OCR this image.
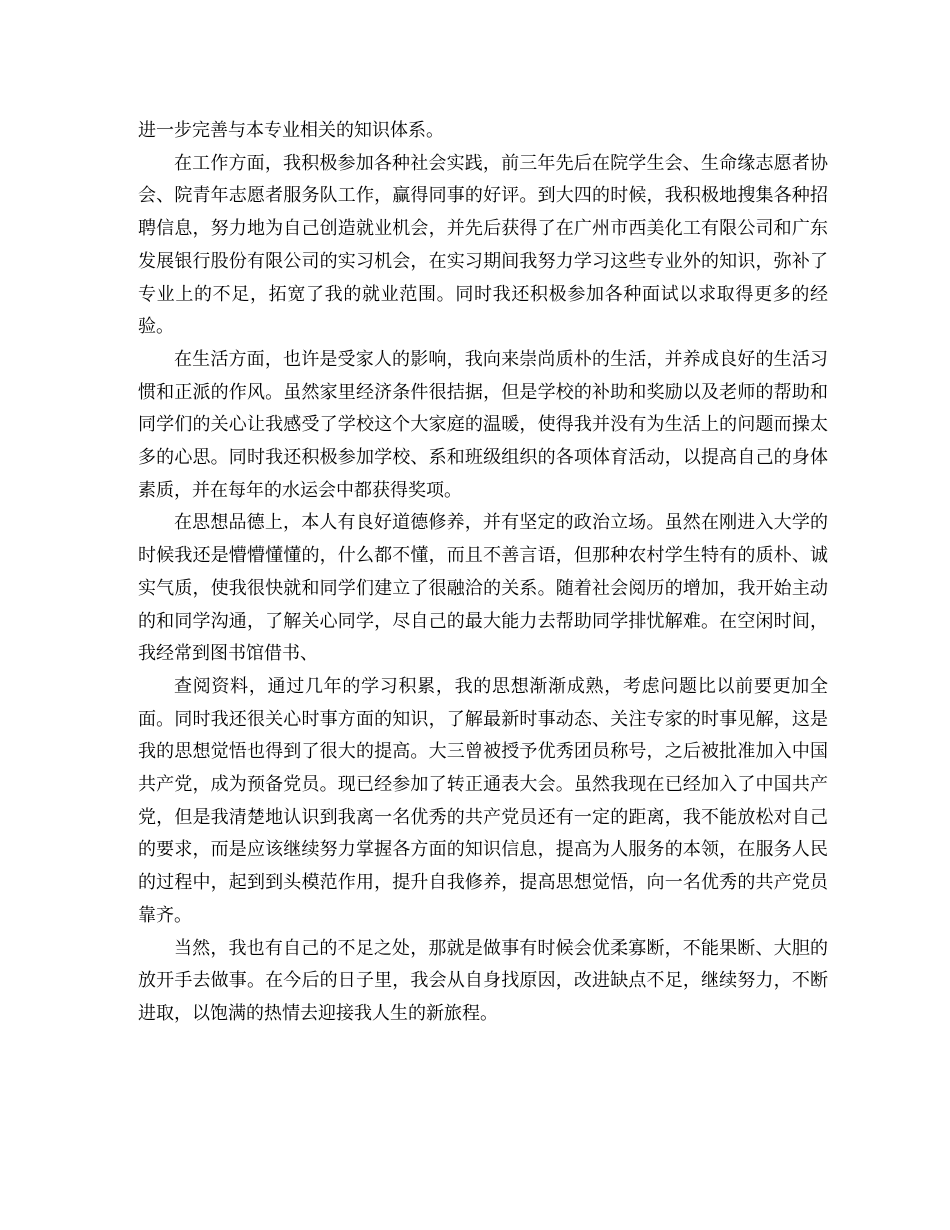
进一步完善与本专业相关的知识体系。

在工作方面，我积极参加各种社会实践，前三年先后在院学生会、生命缘志愿者协会、院青年志愿者服务队工作，赢得同事的好评。到大四的时候，我积极地搜集各种招聘信息，努力地为自己创造就业机会，并先后获得了在广州市西美化工有限公司和广东发展银行股份有限公司的实习机会，在实习期间我努力学习这些专业外的知识，弥补了专业上的不足，拓宽了我的就业范围。同时我还积极参加各种面试以求取得更多的经验。

在生活方面，也许是受家人的影响，我向来崇尚质朴的生活，并养成良好的生活习惯和正派的作风。虽然家里经济条件很拮据，但是学校的补助和奖励以及老师的帮助和同学们的关心让我感受了学校这个大家庭的温暖，使得我并没有为生活上的问题而操太多的心思。同时我还积极参加学校、系和班级组织的各项体育活动，以提高自己的身体素质，并在每年的水运会中都获得奖项。

在思想品德上，本人有良好道德修养，并有坚定的政治立场。虽然在刚进入大学的时候我还是懵懵懂懂的，什么都不懂，而且不善言语，但那种农村学生特有的质朴、诚实气质，使我很快就和同学们建立了很融洽的关系。随着社会阅历的增加，我开始主动的和同学沟通，了解关心同学，尽自己的最大能力去帮助同学排忧解难。在空闲时间，我经常到图书馆借书、

查阅资料，通过几年的学习积累，我的思想渐渐成熟，考虑问题比以前要更加全面。同时我还很关心时事方面的知识，了解最新时事动态、关注专家的时事见解，这是我的思想觉悟也得到了很大的提高。大三曾被授予优秀团员称号，之后被批准加入中国共产党，成为预备党员。现已经参加了转正通表大会。虽然我现在已经加入了中国共产党，但是我清楚地认识到我离一名优秀的共产党员还有一定的距离，我不能放松对自己的要求，而是应该继续努力掌握各方面的知识信息，提高为人服务的本领，在服务人民的过程中，起到到头模范作用，提升自我修养，提高思想觉悟，向一名优秀的共产党员靠齐。

当然，我也有自己的不足之处，那就是做事有时候会优柔寡断，不能果断、大胆的放开手去做事。在今后的日子里，我会从自身找原因，改进缺点不足，继续努力，不断进取，以饱满的热情去迎接我人生的新旅程。
